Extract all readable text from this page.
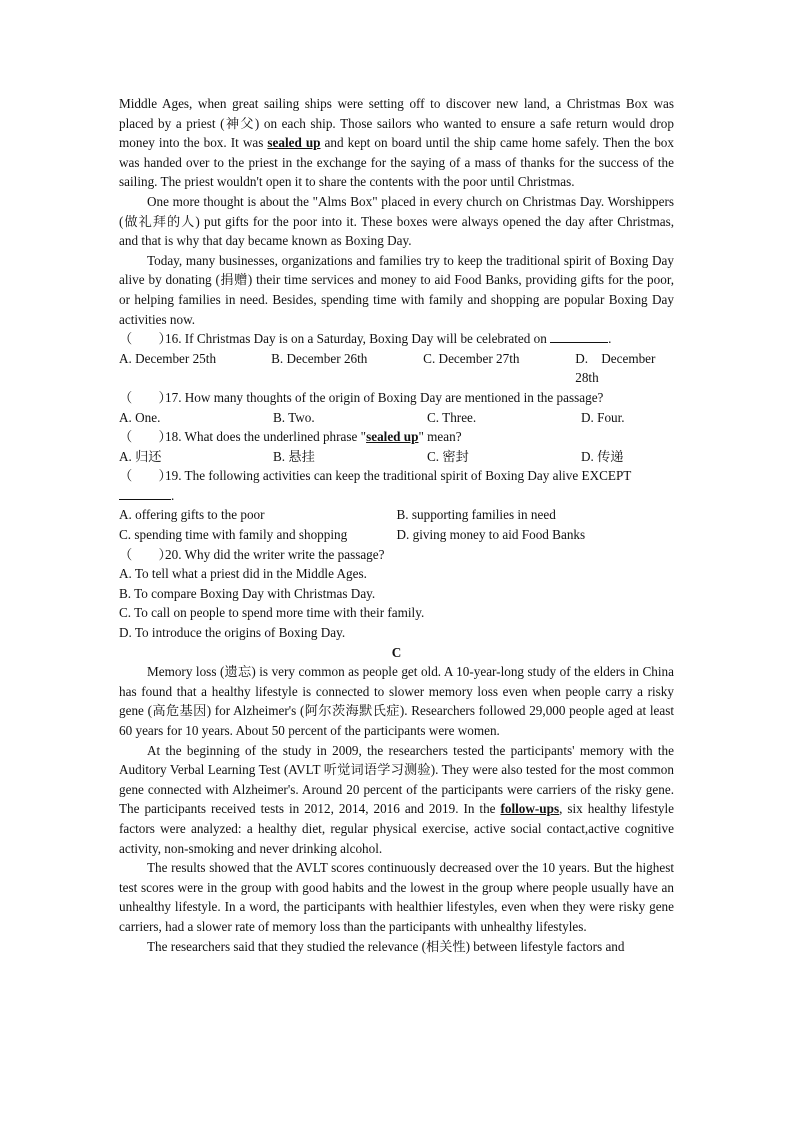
Middle Ages, when great sailing ships were setting off to discover new land, a Christmas Box was placed by a priest (神父) on each ship. Those sailors who wanted to ensure a safe return would drop money into the box. It was sealed up and kept on board until the ship came home safely. Then the box was handed over to the priest in the exchange for the saying of a mass of thanks for the success of the sailing. The priest wouldn't open it to share the contents with the poor until Christmas.

One more thought is about the "Alms Box" placed in every church on Christmas Day. Worshippers (做礼拜的人) put gifts for the poor into it. These boxes were always opened the day after Christmas, and that is why that day became known as Boxing Day.

Today, many businesses, organizations and families try to keep the traditional spirit of Boxing Day alive by donating (捐赠) their time services and money to aid Food Banks, providing gifts for the poor, or helping families in need. Besides, spending time with family and shopping are popular Boxing Day activities now.

（　　）16. If Christmas Day is on a Saturday, Boxing Day will be celebrated on	.
A. December 25th	B. December 26th	C. December 27th	D.　December 28th
（　　）17. How many thoughts of the origin of Boxing Day are mentioned in the passage?
A. One.	B. Two.	C. Three.	D. Four.
（　　）18. What does the underlined phrase "sealed up" mean?
A. 归还	B. 悬挂	C. 密封	D. 传递
（　　）19. The following activities can keep the traditional spirit of Boxing Day alive EXCEPT
.
A. offering gifts to the poor	B. supporting families in need
C. spending time with family and shopping	D. giving money to aid Food Banks
（　　）20. Why did the writer write the passage?
A. To tell what a priest did in the Middle Ages.
B. To compare Boxing Day with Christmas Day.
C. To call on people to spend more time with their family.
D. To introduce the origins of Boxing Day.

C

Memory loss (遗忘) is very common as people get old. A 10-year-long study of the elders in China has found that a healthy lifestyle is connected to slower memory loss even when people carry a risky gene (高危基因) for Alzheimer's (阿尔茨海默氏症). Researchers followed 29,000 people aged at least 60 years for 10 years. About 50 percent of the participants were women.

At the beginning of the study in 2009, the researchers tested the participants' memory with the Auditory Verbal Learning Test (AVLT 听觉词语学习测验). They were also tested for the most common gene connected with Alzheimer's. Around 20 percent of the participants were carriers of the risky gene. The participants received tests in 2012, 2014, 2016 and 2019. In the follow-ups, six healthy lifestyle factors were analyzed: a healthy diet, regular physical exercise, active social contact,active cognitive activity, non-smoking and never drinking alcohol.

The results showed that the AVLT scores continuously decreased over the 10 years. But the highest test scores were in the group with good habits and the lowest in the group where people usually have an unhealthy lifestyle. In a word, the participants with healthier lifestyles, even when they were risky gene carriers, had a slower rate of memory loss than the participants with unhealthy lifestyles.

The researchers said that they studied the relevance (相关性) between lifestyle factors and
